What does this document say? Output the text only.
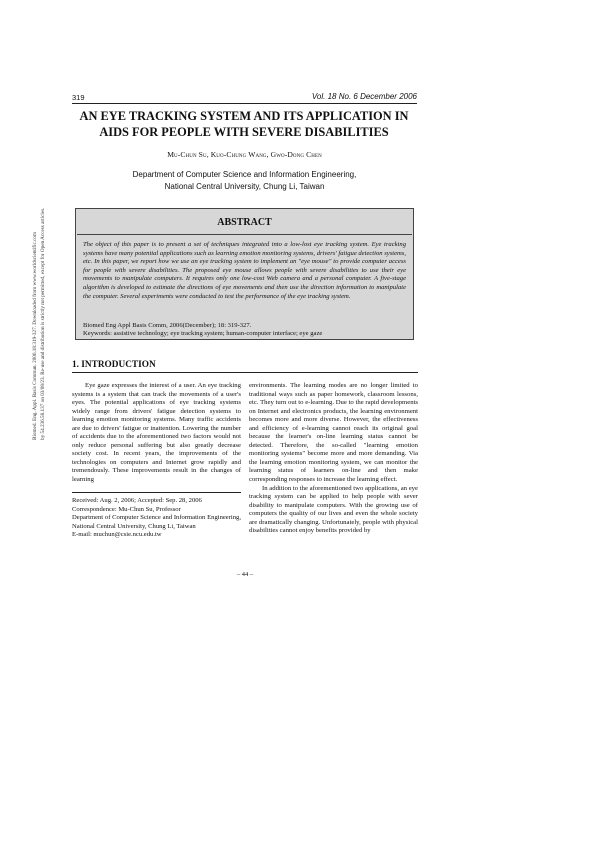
319	Vol. 18 No. 6 December 2006
AN EYE TRACKING SYSTEM AND ITS APPLICATION IN
AIDS FOR PEOPLE WITH SEVERE DISABILITIES
Mu-Chun Su, Kuo-Chung Wang, Gwo-Dong Chen
Department of Computer Science and Information Engineering,
National Central University, Chung Li, Taiwan
Biomed. Eng. Appl. Basis Commun. 2006.18:319-327. Downloaded from www.worldscientific.com by 54.236.58.137 on 03/08/23. Re-use and distribution is strictly not permitted, except for Open Access articles.	ABSTRACT
The object of this paper is to present a set of techniques integrated into a low-lost eye tracking system. Eye tracking systems have many potential applications such as learning emotion monitoring systems, drivers' fatigue detection systems, etc. In this paper, we report how we use an eye tracking system to implement an "eye mouse" to provide computer access for people with severe disabilities. The proposed eye mouse allows people with severe disabilities to use their eye movements to manipulate computers. It requires only one low-cost Web camera and a personal computer. A five-stage algorithm is developed to estimate the directions of eye movements and then use the direction information to manipulate the computer. Several experiments were conducted to test the performance of the eye tracking system.
Biomed Eng Appl Basis Comm, 2006(December); 18: 319-327.
Keywords: assistive technology; eye tracking system; human-computer interface; eye gaze
1. INTRODUCTION

Eye gaze expresses the interest of a user. An eye tracking systems is a system that can track the movements of a user's eyes. The potential applications of eye tracking systems widely range from drivers' fatigue detection systems to learning emotion monitoring systems. Many traffic accidents are due to drivers' fatigue or inattention. Lowering the number of accidents due to the aforementioned two factors would not only reduce personal suffering but also greatly decrease society cost. In recent years, the improvements of the technologies on computers and Internet grow rapidly and tremendously. These improvements result in the changes of learning

environments. The learning modes are no longer limited to traditional ways such as paper homework, classroom lessons, etc. They turn out to e-learning. Due to the rapid developments on Internet and electronics products, the learning environment becomes more and more diverse. However, the effectiveness and efficiency of e-learning cannot reach its original goal because the learner's on-line learning status cannot be detected. Therefore, the so-called "learning emotion monitoring systems" become more and more demanding. Via the learning emotion monitoring system, we can monitor the learning status of learners on-line and then make corresponding responses to increase the learning effect.

In addition to the aforementioned two applications, an eye tracking system can be applied to help people with sever disability to manipulate computers. With the growing use of computers the quality of our lives and even the whole society are dramatically changing. Unfortunately, people with physical disabilities cannot enjoy benefits provided by

Received: Aug. 2, 2006; Accepted: Sep. 28, 2006
Correspondence: Mu-Chun Su, Professor
Department of Computer Science and Information Engineering, National Central University, Chung Li, Taiwan
E-mail: muchun@csie.ncu.edu.tw
– 44 –
